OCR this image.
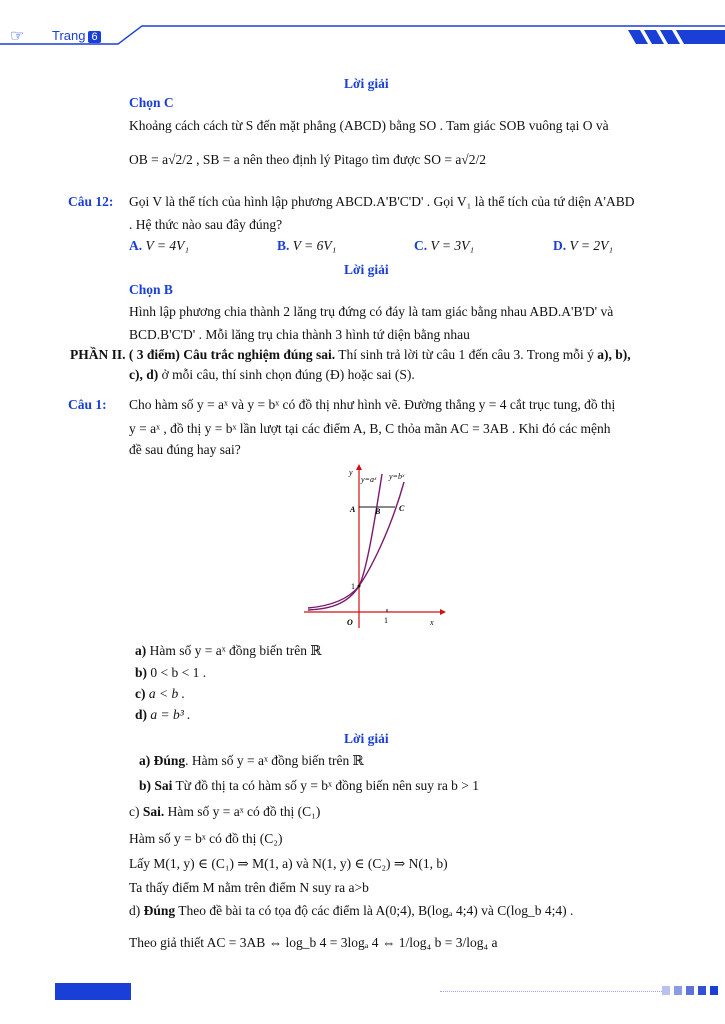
☞ Trang 6
Lời giải
Chọn C
Khoảng cách cách từ S đến mặt phẳng (ABCD) bằng SO . Tam giác SOB vuông tại O và
OB = a√2/2 , SB = a nên theo định lý Pitago tìm được SO = a√2/2
Câu 12: Gọi V là thể tích của hình lập phương ABCD.A'B'C'D' . Gọi V₁ là thể tích của tứ diện A'ABD
. Hệ thức nào sau đây đúng?
A. V = 4V₁	B. V = 6V₁	C. V = 3V₁	D. V = 2V₁
Lời giải
Chọn B
Hình lập phương chia thành 2 lăng trụ đứng có đáy là tam giác bằng nhau ABD.A'B'D' và
BCD.B'C'D' . Mỗi lăng trụ chia thành 3 hình tứ diện bằng nhau
PHẦN II. ( 3 điểm) Câu trắc nghiệm đúng sai. Thí sinh trả lời từ câu 1 đến câu 3. Trong mỗi ý a), b),
c), d) ở mỗi câu, thí sinh chọn đúng (Đ) hoặc sai (S).
Câu 1: Cho hàm số y = aˣ và y = bˣ có đồ thị như hình vẽ. Đường thẳng y = 4 cắt trục tung, đồ thị
y = aˣ , đồ thị y = bˣ lần lượt tại các điểm A, B, C thỏa mãn AC = 3AB . Khi đó các mệnh
đề sau đúng hay sai?
y
x
O	1
1
y=aˣ y=bˣ
A B C
a) Hàm số y = aˣ đồng biến trên ℝ
b) 0 < b < 1 .
c) a < b .
d) a = b³ .
Lời giải
a) Đúng. Hàm số y = aˣ đồng biến trên ℝ
b) Sai Từ đồ thị ta có hàm số y = bˣ đồng biến nên suy ra b > 1
c) Sai. Hàm số y = aˣ có đồ thị (C₁)
Hàm số y = bˣ có đồ thị (C₂)
Lấy M(1, y) ∈ (C₁) ⇒ M(1, a) và N(1, y) ∈ (C₂) ⇒ N(1, b)
Ta thấy điểm M nằm trên điểm N suy ra a>b
d) Đúng Theo đề bài ta có tọa độ các điểm là A(0;4), B(logₐ 4;4) và C(log_b 4;4) .
Theo giả thiết AC = 3AB ⇔ log_b 4 = 3logₐ 4 ⇔ 1/log₄ b = 3/log₄ a
